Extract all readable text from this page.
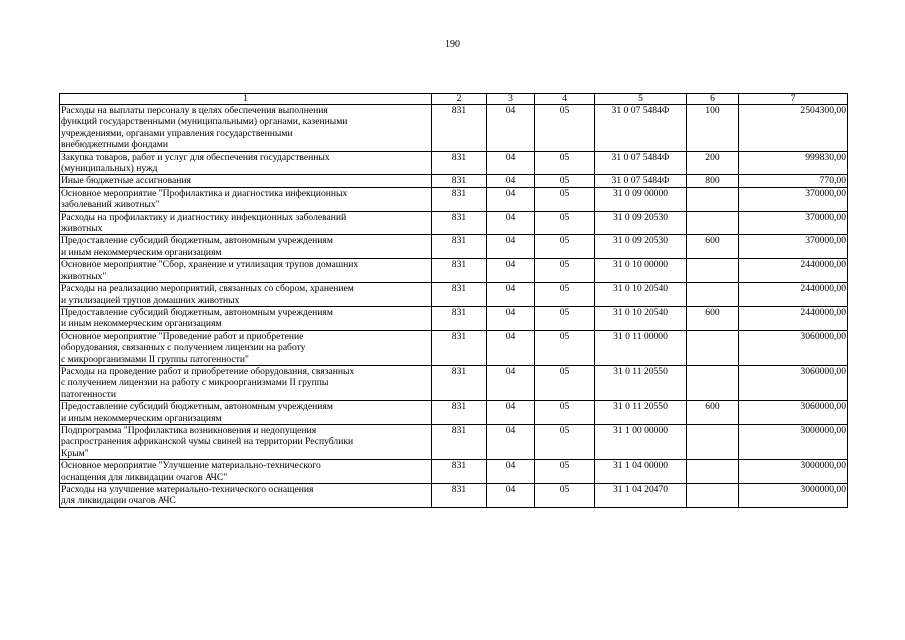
190
1	2	3	4	5	6	7
Расходы на выплаты персоналу в целях обеспечения выполнения
функций государственными (муниципальными) органами, казенными
учреждениями, органами управления государственными
внебюджетными фондами	831	04	05	31 0 07 5484Ф	100	2504300,00
Закупка товаров, работ и услуг для обеспечения государственных
(муниципальных) нужд	831	04	05	31 0 07 5484Ф	200	999830,00
Иные бюджетные ассигнования	831	04	05	31 0 07 5484Ф	800	770,00
Основное мероприятие "Профилактика и диагностика инфекционных
заболеваний животных"	831	04	05	31 0 09 00000		370000,00
Расходы на профилактику и диагностику инфекционных заболеваний
животных	831	04	05	31 0 09 20530		370000,00
Предоставление субсидий бюджетным, автономным учреждениям
и иным некоммерческим организациям	831	04	05	31 0 09 20530	600	370000,00
Основное мероприятие "Сбор, хранение и утилизация трупов домашних
животных"	831	04	05	31 0 10 00000		2440000,00
Расходы на реализацию мероприятий, связанных со сбором, хранением
и утилизацией трупов домашних животных	831	04	05	31 0 10 20540		2440000,00
Предоставление субсидий бюджетным, автономным учреждениям
и иным некоммерческим организациям	831	04	05	31 0 10 20540	600	2440000,00
Основное мероприятие "Проведение работ и приобретение
оборудования, связанных с получением лицензии на работу
с микроорганизмами II группы патогенности"	831	04	05	31 0 11 00000		3060000,00
Расходы на проведение работ и приобретение оборудования, связанных
с получением лицензии на работу с микроорганизмами II группы
патогенности	831	04	05	31 0 11 20550		3060000,00
Предоставление субсидий бюджетным, автономным учреждениям
и иным некоммерческим организациям	831	04	05	31 0 11 20550	600	3060000,00
Подпрограмма "Профилактика возникновения и недопущения
распространения африканской чумы свиней на территории Республики
Крым"	831	04	05	31 1 00 00000		3000000,00
Основное мероприятие "Улучшение материально-технического
оснащения для ликвидации очагов АЧС"	831	04	05	31 1 04 00000		3000000,00
Расходы на улучшение материально-технического оснащения
для ликвидации очагов АЧС	831	04	05	31 1 04 20470		3000000,00
